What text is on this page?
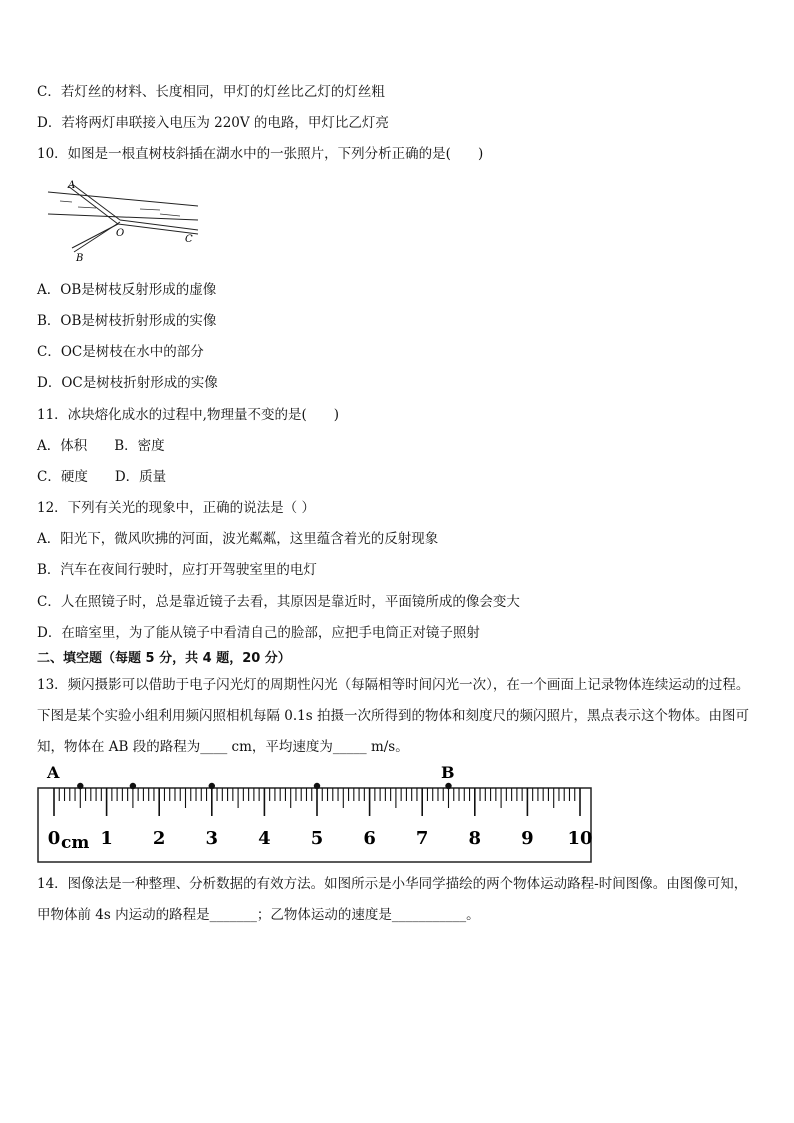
C．若灯丝的材料、长度相同，甲灯的灯丝比乙灯的灯丝粗
D．若将两灯串联接入电压为 220V 的电路，甲灯比乙灯亮
10．如图是一根直树枝斜插在湖水中的一张照片，下列分析正确的是(　　)
A
O
B
C
A．OB是树枝反射形成的虚像
B．OB是树枝折射形成的实像
C．OC是树枝在水中的部分
D．OC是树枝折射形成的实像
11．冰块熔化成水的过程中,物理量不变的是(　　)
A．体积　　B．密度
C．硬度　　D．质量
12．下列有关光的现象中，正确的说法是（ ）
A．阳光下，微风吹拂的河面，波光粼粼，这里蕴含着光的反射现象
B．汽车在夜间行驶时，应打开驾驶室里的电灯
C．人在照镜子时，总是靠近镜子去看，其原因是靠近时，平面镜所成的像会变大
D．在暗室里，为了能从镜子中看清自己的脸部，应把手电筒正对镜子照射
二、填空题（每题 5 分，共 4 题，20 分）
13．频闪摄影可以借助于电子闪光灯的周期性闪光（每隔相等时间闪光一次），在一个画面上记录物体连续运动的过程。
下图是某个实验小组利用频闪照相机每隔 0.1s 拍摄一次所得到的物体和刻度尺的频闪照片，黑点表示这个物体。由图可
知，物体在 AB 段的路程为____ cm，平均速度为_____ m/s。
A	B
cm
0 1 2 3 4 5 6 7 8 9 10
14．图像法是一种整理、分析数据的有效方法。如图所示是小华同学描绘的两个物体运动路程-时间图像。由图像可知，
甲物体前 4s 内运动的路程是_______；乙物体运动的速度是___________。
